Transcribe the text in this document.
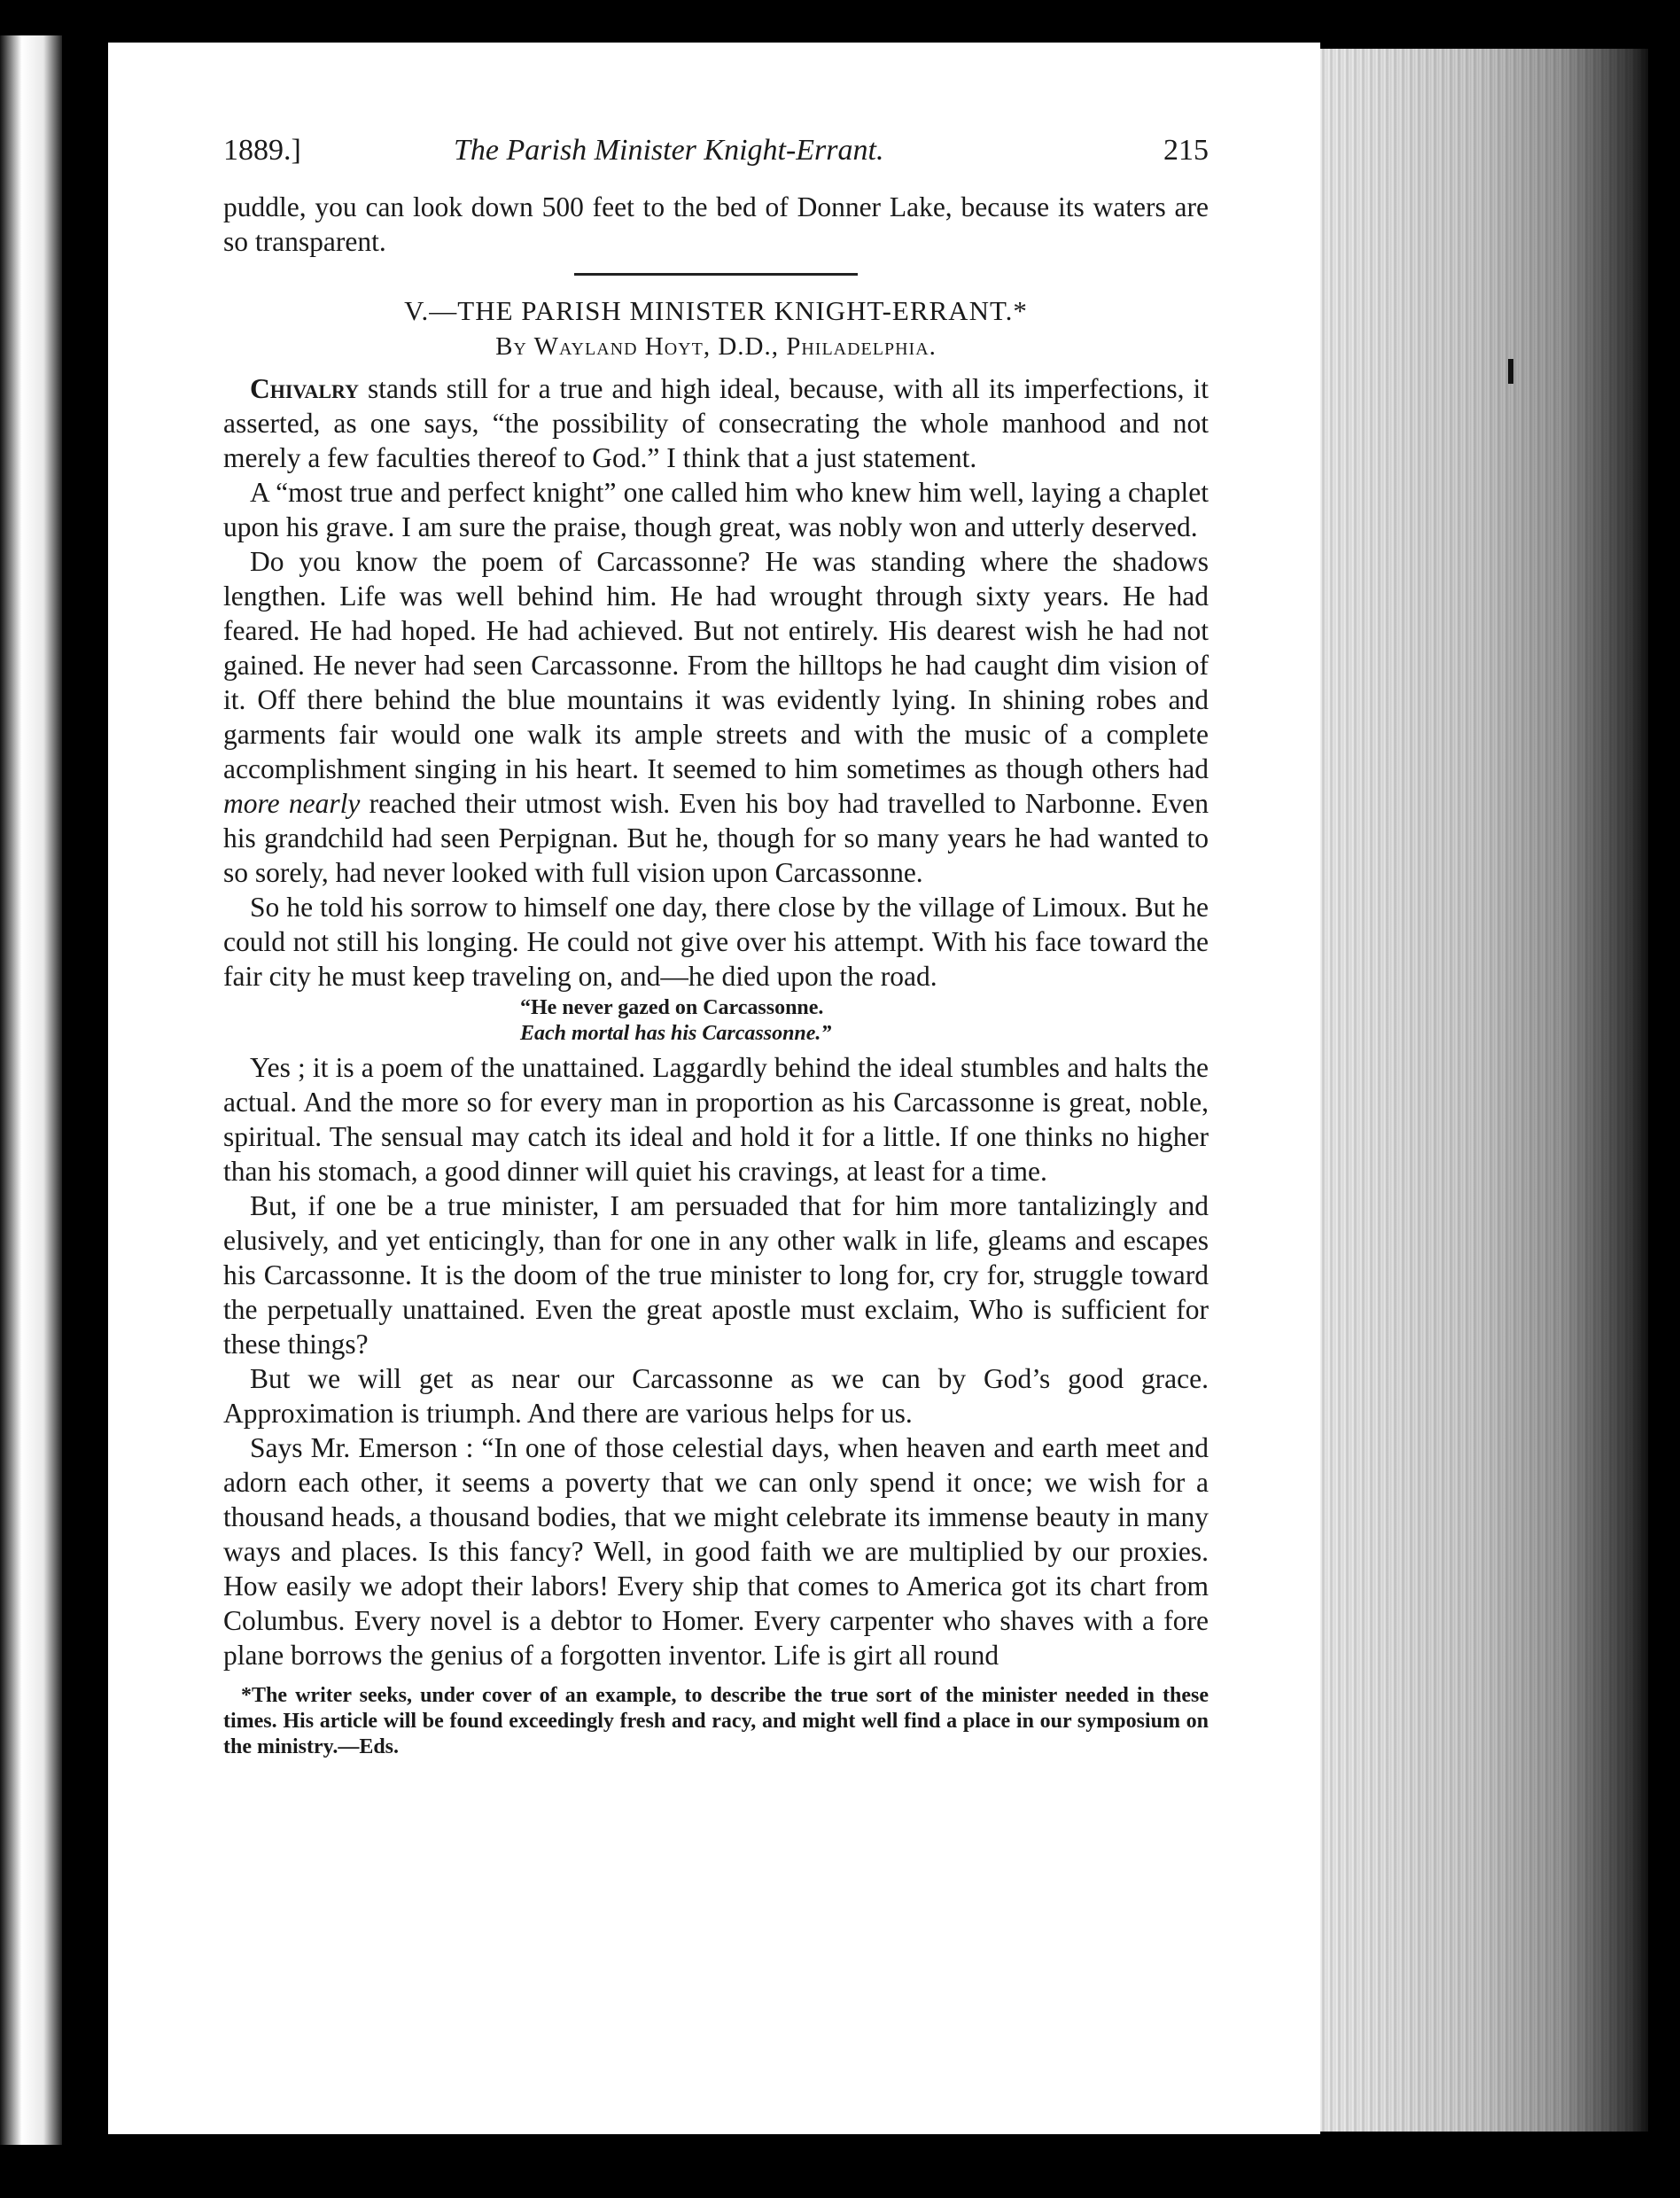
1889.]	The Parish Minister Knight-Errant.	215

puddle, you can look down 500 feet to the bed of Donner Lake, because its waters are so transparent.

V.—THE PARISH MINISTER KNIGHT-ERRANT.*

By Wayland Hoyt, D.D., Philadelphia.

Chivalry stands still for a true and high ideal, because, with all its imperfections, it asserted, as one says, “the possibility of consecrating the whole manhood and not merely a few faculties thereof to God.” I think that a just statement.

A “most true and perfect knight” one called him who knew him well, laying a chaplet upon his grave. I am sure the praise, though great, was nobly won and utterly deserved.

Do you know the poem of Carcassonne? He was standing where the shadows lengthen. Life was well behind him. He had wrought through sixty years. He had feared. He had hoped. He had achieved. But not entirely. His dearest wish he had not gained. He never had seen Carcassonne. From the hilltops he had caught dim vision of it. Off there behind the blue mountains it was evidently lying. In shining robes and garments fair would one walk its ample streets and with the music of a complete accomplishment singing in his heart. It seemed to him sometimes as though others had more nearly reached their utmost wish. Even his boy had travelled to Narbonne. Even his grandchild had seen Perpignan. But he, though for so many years he had wanted to so sorely, had never looked with full vision upon Carcassonne.

So he told his sorrow to himself one day, there close by the village of Limoux. But he could not still his longing. He could not give over his attempt. With his face toward the fair city he must keep traveling on, and—he died upon the road.

“He never gazed on Carcassonne.
Each mortal has his Carcassonne.”

Yes ; it is a poem of the unattained. Laggardly behind the ideal stumbles and halts the actual. And the more so for every man in proportion as his Carcassonne is great, noble, spiritual. The sensual may catch its ideal and hold it for a little. If one thinks no higher than his stomach, a good dinner will quiet his cravings, at least for a time.

But, if one be a true minister, I am persuaded that for him more tantalizingly and elusively, and yet enticingly, than for one in any other walk in life, gleams and escapes his Carcassonne. It is the doom of the true minister to long for, cry for, struggle toward the perpetually unattained. Even the great apostle must exclaim, Who is sufficient for these things?

But we will get as near our Carcassonne as we can by God’s good grace. Approximation is triumph. And there are various helps for us.

Says Mr. Emerson : “In one of those celestial days, when heaven and earth meet and adorn each other, it seems a poverty that we can only spend it once; we wish for a thousand heads, a thousand bodies, that we might celebrate its immense beauty in many ways and places. Is this fancy? Well, in good faith we are multiplied by our proxies. How easily we adopt their labors! Every ship that comes to America got its chart from Columbus. Every novel is a debtor to Homer. Every carpenter who shaves with a fore plane borrows the genius of a forgotten inventor. Life is girt all round

*The writer seeks, under cover of an example, to describe the true sort of the minister needed in these times. His article will be found exceedingly fresh and racy, and might well find a place in our symposium on the ministry.—Eds.
